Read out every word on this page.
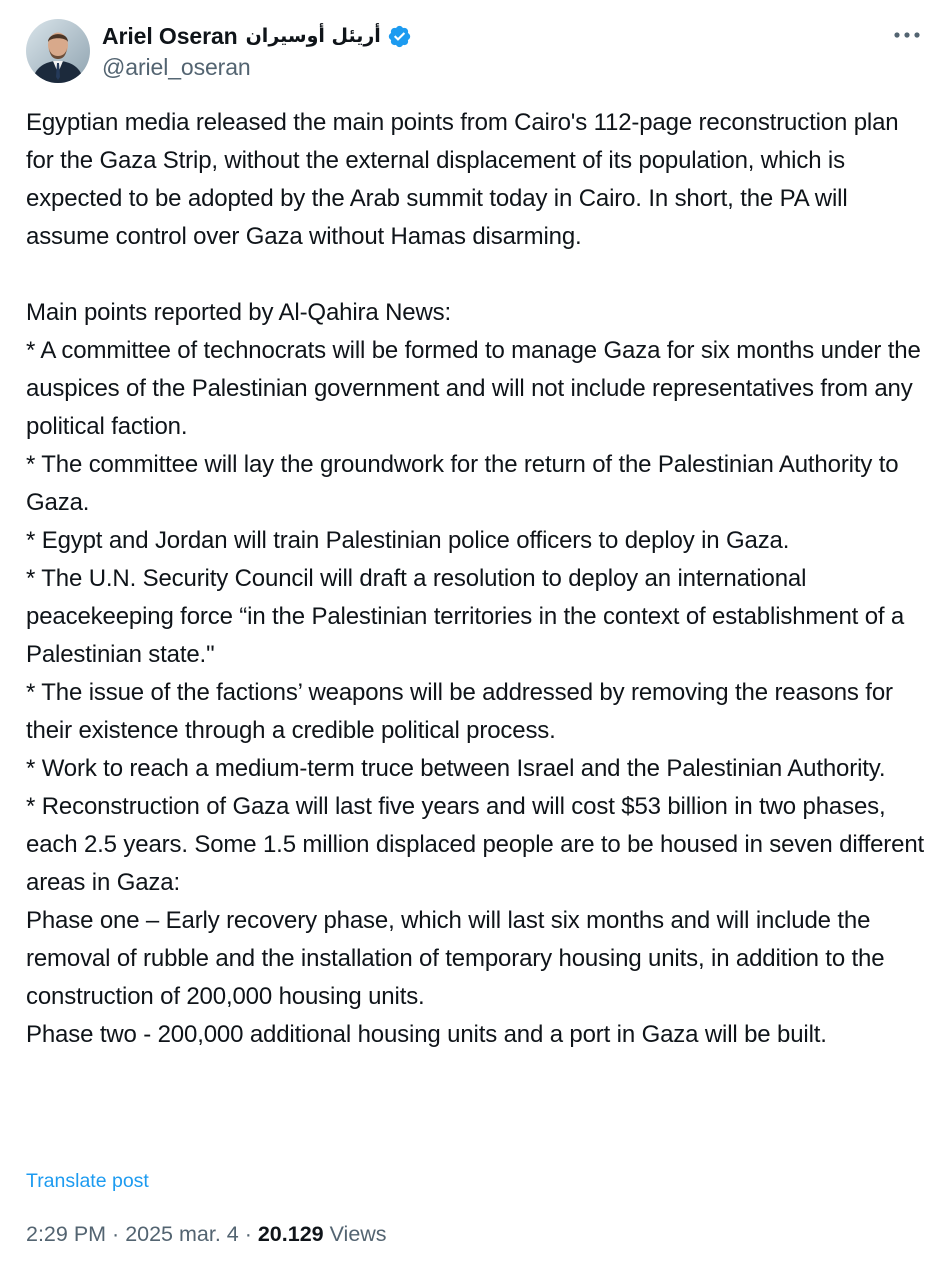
Ariel Oseran أريئل أوسيران
@ariel_oseran

Egyptian media released the main points from Cairo's 112-page reconstruction plan for the Gaza Strip, without the external displacement of its population, which is expected to be adopted by the Arab summit today in Cairo. In short, the PA will assume control over Gaza without Hamas disarming.

Main points reported by Al-Qahira News:

* A committee of technocrats will be formed to manage Gaza for six months under the auspices of the Palestinian government and will not include representatives from any political faction.

* The committee will lay the groundwork for the return of the Palestinian Authority to Gaza.

* Egypt and Jordan will train Palestinian police officers to deploy in Gaza.

* The U.N. Security Council will draft a resolution to deploy an international peacekeeping force “in the Palestinian territories in the context of establishment of a Palestinian state."

* The issue of the factions’ weapons will be addressed by removing the reasons for their existence through a credible political process.

* Work to reach a medium-term truce between Israel and the Palestinian Authority.

* Reconstruction of Gaza will last five years and will cost $53 billion in two phases, each 2.5 years. Some 1.5 million displaced people are to be housed in seven different areas in Gaza:

Phase one – Early recovery phase, which will last six months and will include the removal of rubble and the installation of temporary housing units, in addition to the construction of 200,000 housing units.

Phase two - 200,000 additional housing units and a port in Gaza will be built.

Translate post
2:29 PM · 2025 mar. 4 · 20.129 Views
